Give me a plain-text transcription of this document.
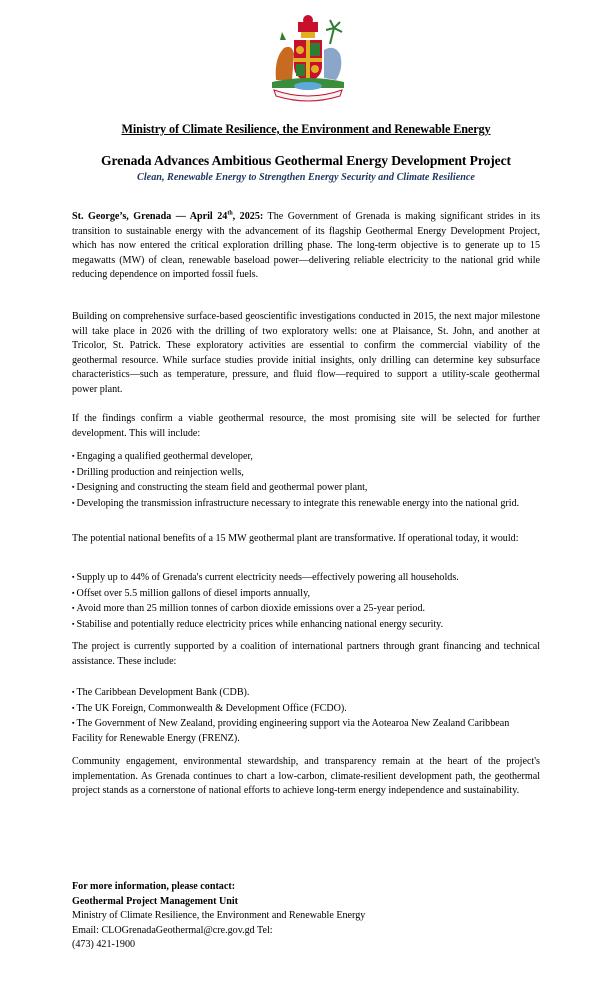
Ministry of Climate Resilience, the Environment and Renewable Energy
Grenada Advances Ambitious Geothermal Energy Development Project
Clean, Renewable Energy to Strengthen Energy Security and Climate Resilience
St. George’s, Grenada — April 24th, 2025: The Government of Grenada is making significant strides in its transition to sustainable energy with the advancement of its flagship Geothermal Energy Development Project, which has now entered the critical exploration drilling phase. The long-term objective is to generate up to 15 megawatts (MW) of clean, renewable baseload power—delivering reliable electricity to the national grid while reducing dependence on imported fossil fuels.
Building on comprehensive surface-based geoscientific investigations conducted in 2015, the next major milestone will take place in 2026 with the drilling of two exploratory wells: one at Plaisance, St. John, and another at Tricolor, St. Patrick. These exploratory activities are essential to confirm the commercial viability of the geothermal resource. While surface studies provide initial insights, only drilling can determine key subsurface characteristics—such as temperature, pressure, and fluid flow—required to support a utility-scale geothermal power plant.
If the findings confirm a viable geothermal resource, the most promising site will be selected for further development. This will include:
▪ Engaging a qualified geothermal developer,
▪ Drilling production and reinjection wells,
▪ Designing and constructing the steam field and geothermal power plant,
▪ Developing the transmission infrastructure necessary to integrate this renewable energy into the national grid.
The potential national benefits of a 15 MW geothermal plant are transformative. If operational today, it would:
▪ Supply up to 44% of Grenada's current electricity needs—effectively powering all households.
▪ Offset over 5.5 million gallons of diesel imports annually,
▪ Avoid more than 25 million tonnes of carbon dioxide emissions over a 25-year period.
▪ Stabilise and potentially reduce electricity prices while enhancing national energy security.
The project is currently supported by a coalition of international partners through grant financing and technical assistance. These include:
▪ The Caribbean Development Bank (CDB).
▪ The UK Foreign, Commonwealth & Development Office (FCDO).
▪ The Government of New Zealand, providing engineering support via the Aotearoa New Zealand Caribbean Facility for Renewable Energy (FRENZ).
Community engagement, environmental stewardship, and transparency remain at the heart of the project's implementation. As Grenada continues to chart a low-carbon, climate-resilient development path, the geothermal project stands as a cornerstone of national efforts to achieve long-term energy independence and sustainability.
For more information, please contact:
Geothermal Project Management Unit
Ministry of Climate Resilience, the Environment and Renewable Energy
Email: CLOGrenadaGeothermal@cre.gov.gd Tel:
(473) 421-1900
